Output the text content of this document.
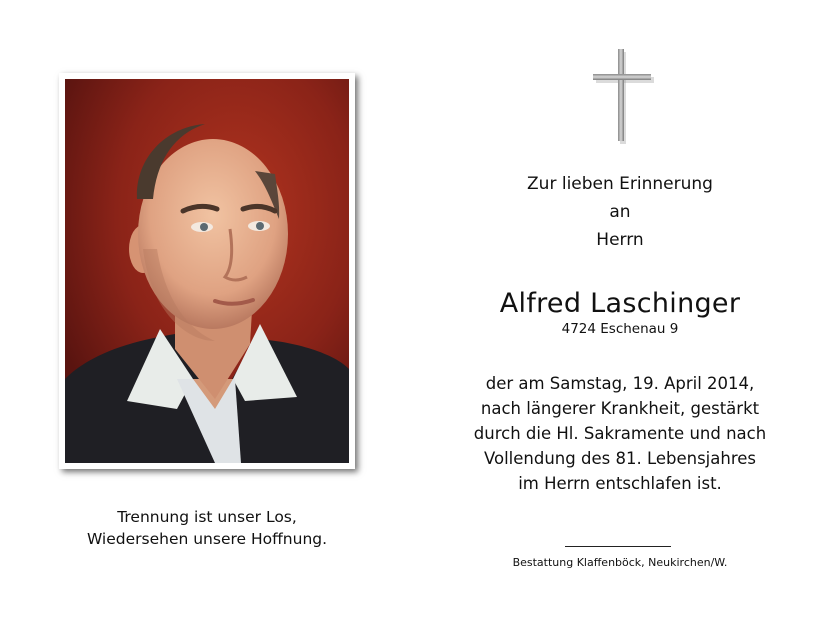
Trennung ist unser Los,
Wiedersehen unsere Hoffnung.
Zur lieben Erinnerung
an
Herrn
Alfred Laschinger
4724 Eschenau 9
der am Samstag, 19. April 2014,
nach längerer Krankheit, gestärkt
durch die Hl. Sakramente und nach
Vollendung des 81. Lebensjahres
im Herrn entschlafen ist.
Bestattung Klaffenböck, Neukirchen/W.
